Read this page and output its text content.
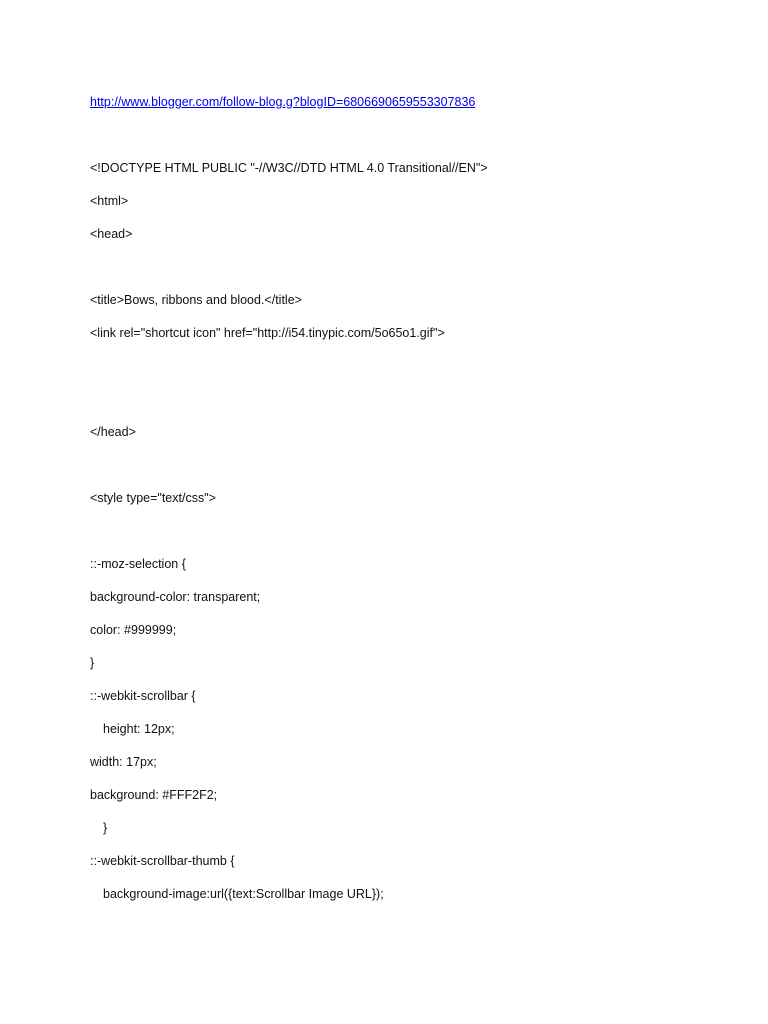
http://www.blogger.com/follow-blog.g?blogID=6806690659553307836
<!DOCTYPE HTML PUBLIC "-//W3C//DTD HTML 4.0 Transitional//EN">
<html>
<head>
<title>Bows, ribbons and blood.</title>
<link rel="shortcut icon" href="http://i54.tinypic.com/5o65o1.gif">
</head>
<style type="text/css">
::-moz-selection {
background-color: transparent;
color: #999999;
}
::-webkit-scrollbar {
height: 12px;
width: 17px;
background: #FFF2F2;
}
::-webkit-scrollbar-thumb {
background-image:url({text:Scrollbar Image URL});
